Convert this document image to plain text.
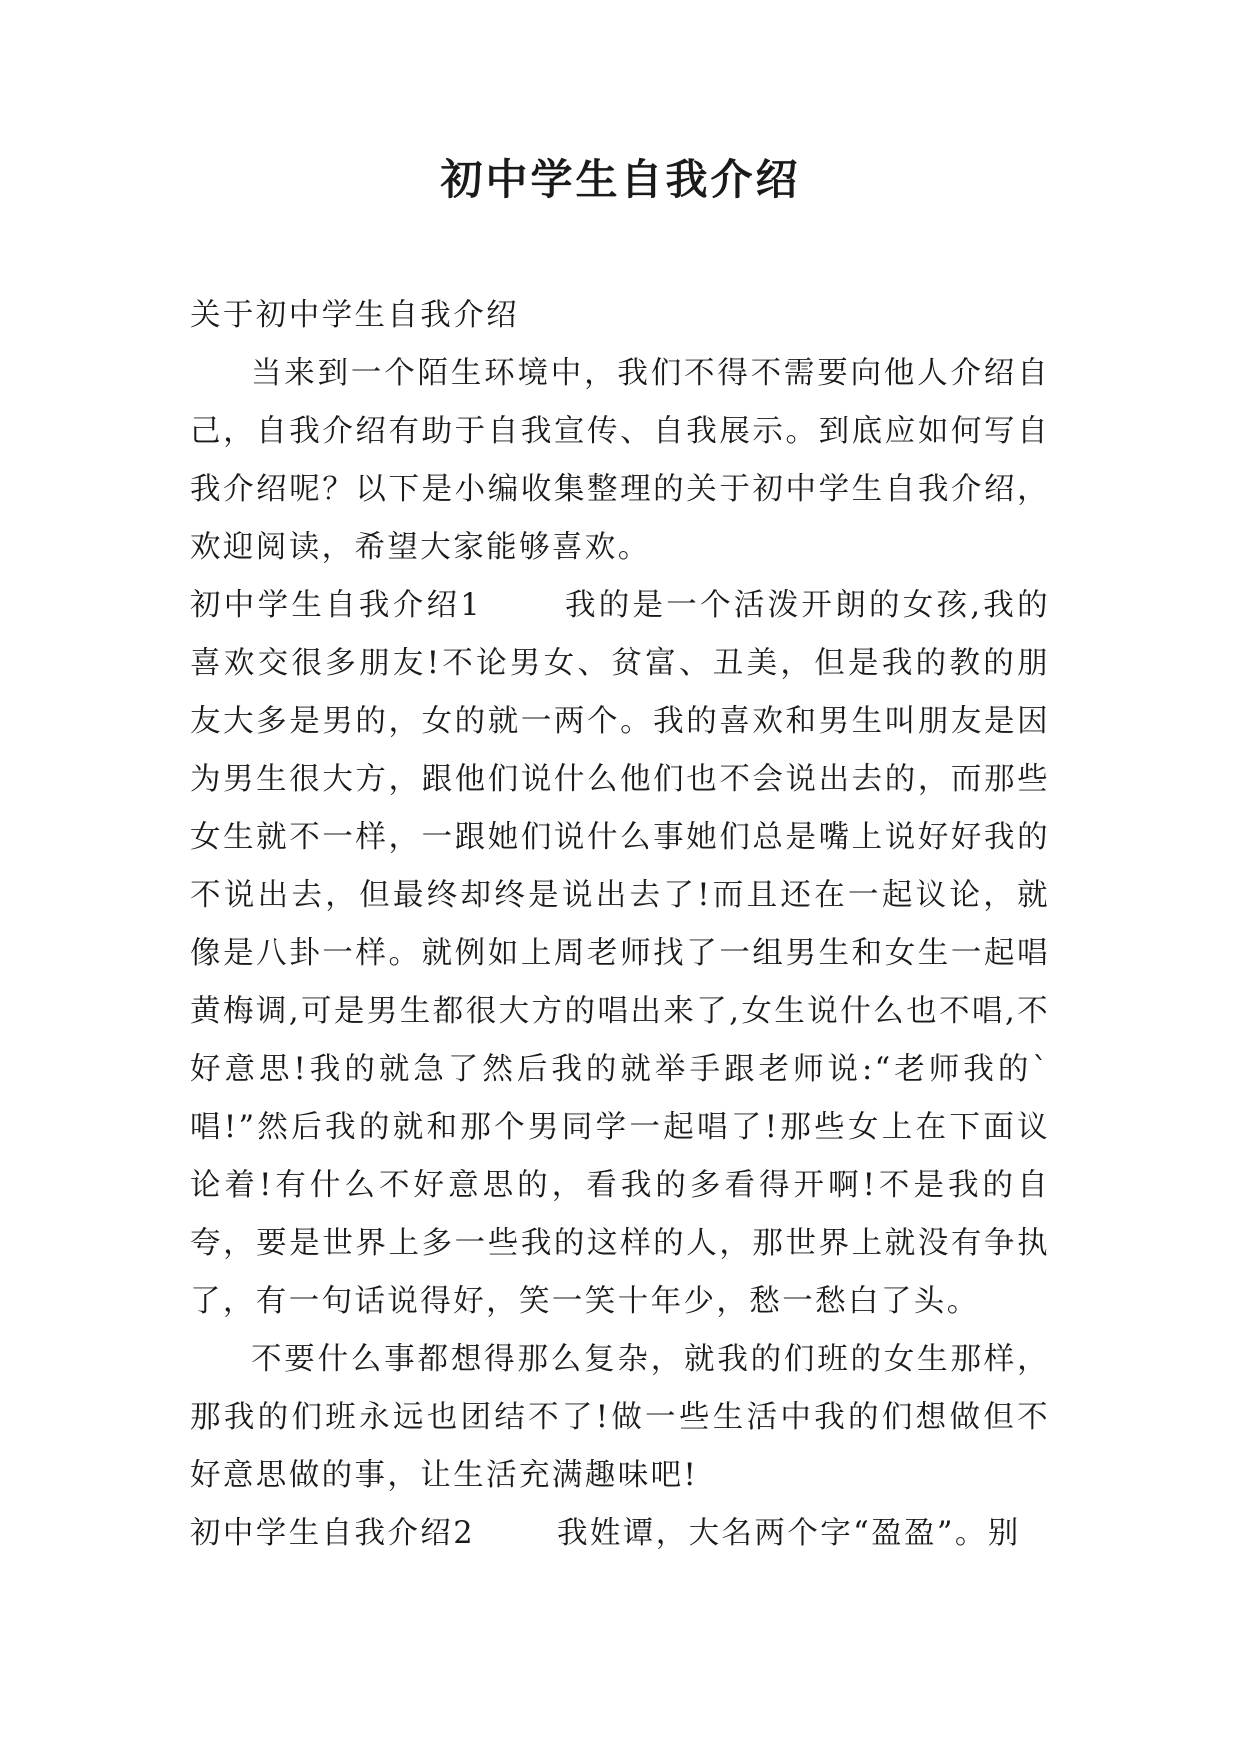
初中学生自我介绍

关于初中学生自我介绍

当来到一个陌生环境中，我们不得不需要向他人介绍自己，自我介绍有助于自我宣传、自我展示。到底应如何写自我介绍呢？以下是小编收集整理的关于初中学生自我介绍，欢迎阅读，希望大家能够喜欢。

初中学生自我介绍1	我的是一个活泼开朗的女孩,我的喜欢交很多朋友!不论男女、贫富、丑美，但是我的教的朋友大多是男的，女的就一两个。我的喜欢和男生叫朋友是因为男生很大方，跟他们说什么他们也不会说出去的，而那些女生就不一样，一跟她们说什么事她们总是嘴上说好好我的不说出去，但最终却终是说出去了!而且还在一起议论，就像是八卦一样。就例如上周老师找了一组男生和女生一起唱黄梅调,可是男生都很大方的唱出来了,女生说什么也不唱,不好意思!我的就急了然后我的就举手跟老师说:“老师我的`唱!”然后我的就和那个男同学一起唱了!那些女上在下面议论着!有什么不好意思的，看我的多看得开啊!不是我的自夸，要是世界上多一些我的这样的人，那世界上就没有争执了，有一句话说得好，笑一笑十年少，愁一愁白了头。

不要什么事都想得那么复杂，就我的们班的女生那样，那我的们班永远也团结不了!做一些生活中我的们想做但不好意思做的事，让生活充满趣味吧!

初中学生自我介绍2	我姓谭，大名两个字“盈盈”。别
